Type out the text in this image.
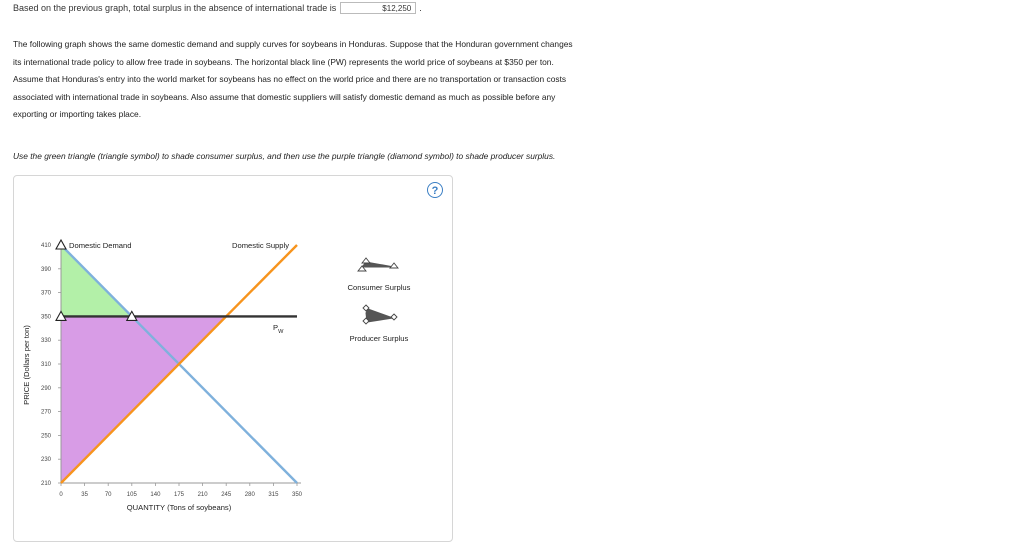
Based on the previous graph, total surplus in the absence of international trade is	$12,250 .
The following graph shows the same domestic demand and supply curves for soybeans in Honduras. Suppose that the Honduran government changes
its international trade policy to allow free trade in soybeans. The horizontal black line (PW) represents the world price of soybeans at $350 per ton.
Assume that Honduras's entry into the world market for soybeans has no effect on the world price and there are no transportation or transaction costs
associated with international trade in soybeans. Also assume that domestic suppliers will satisfy domestic demand as much as possible before any
exporting or importing takes place.
Use the green triangle (triangle symbol) to shade consumer surplus, and then use the purple triangle (diamond symbol) to shade producer surplus.
?
210
230
250
270
290
310
330
350
370
390
410
0	35	70	105 140 175 210 245 280 315 350
Domestic Demand	Domestic Supply
$P_W$
QUANTITY (Tons of soybeans)
PRICE (Dollars per ton)
Consumer Surplus
Producer Surplus
